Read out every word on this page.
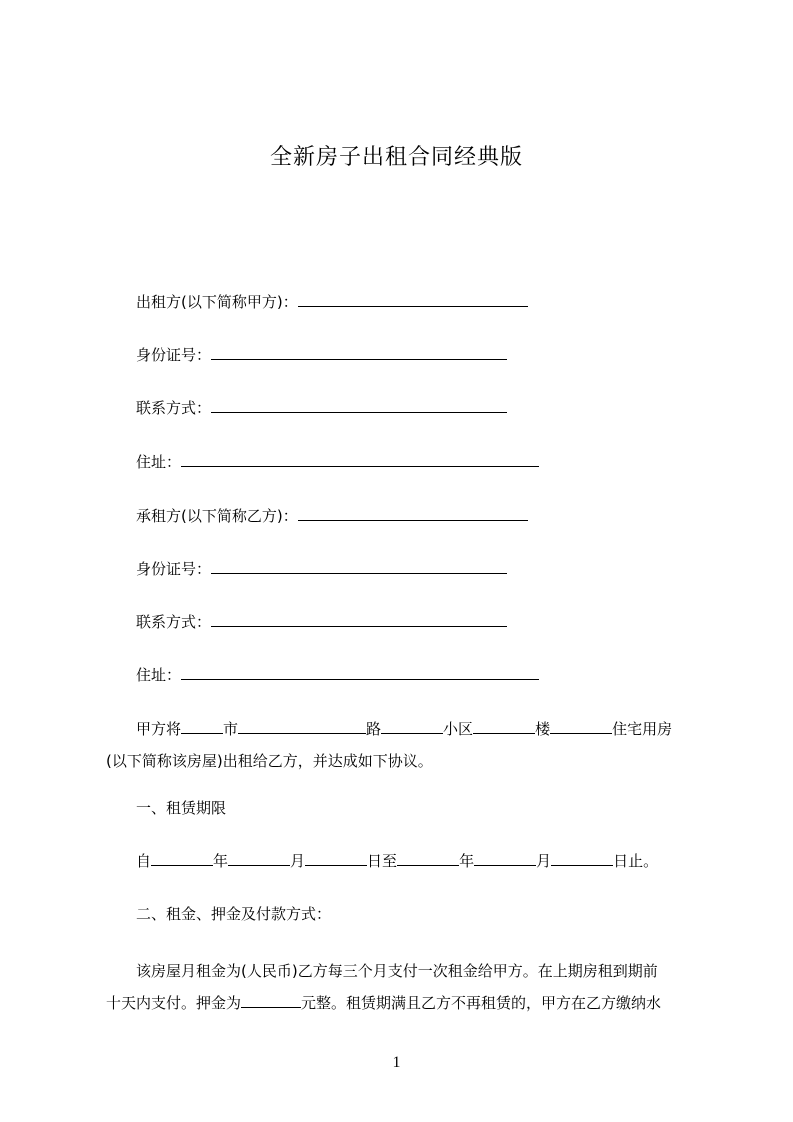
全新房子出租合同经典版
出租方(以下简称甲方)：
身份证号：
联系方式：
住址：
承租方(以下简称乙方)：
身份证号：
联系方式：
住址：
甲方将	市	路	小区	楼	住宅用房
(以下简称该房屋)出租给乙方，并达成如下协议。
一、租赁期限
自	年	月	日至	年	月	日止。
二、租金、押金及付款方式：
该房屋月租金为(人民币)乙方每三个月支付一次租金给甲方。在上期房租到期前
十天内支付。押金为	元整。租赁期满且乙方不再租赁的，甲方在乙方缴纳水
1
